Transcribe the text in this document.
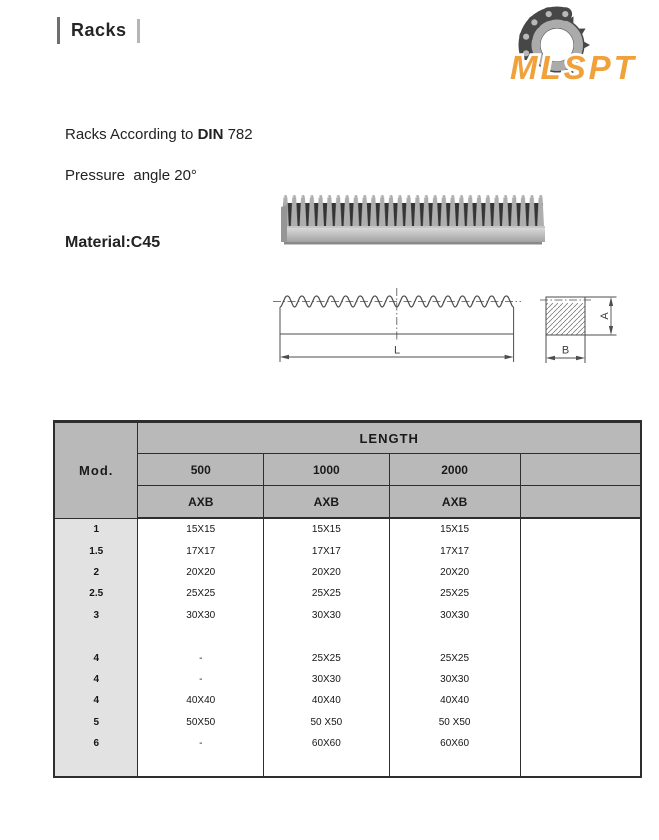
Racks
MLSPT
Racks According to DIN 782
Pressure  angle 20°
Material:C45
L
A
B
Mod.	LENGTH			
	500	1000	2000	
	AXB	AXB	AXB	
1	15X15	15X15	15X15	
1.5	17X17	17X17	17X17	
2	20X20	20X20	20X20	
2.5	25X25	25X25	25X25	
3	30X30	30X30	30X30	

4	-	25X25	25X25	
4	-	30X30	30X30	
4	40X40	40X40	40X40	
5	50X50	50 X50	50 X50	
6	-	60X60	60X60	
